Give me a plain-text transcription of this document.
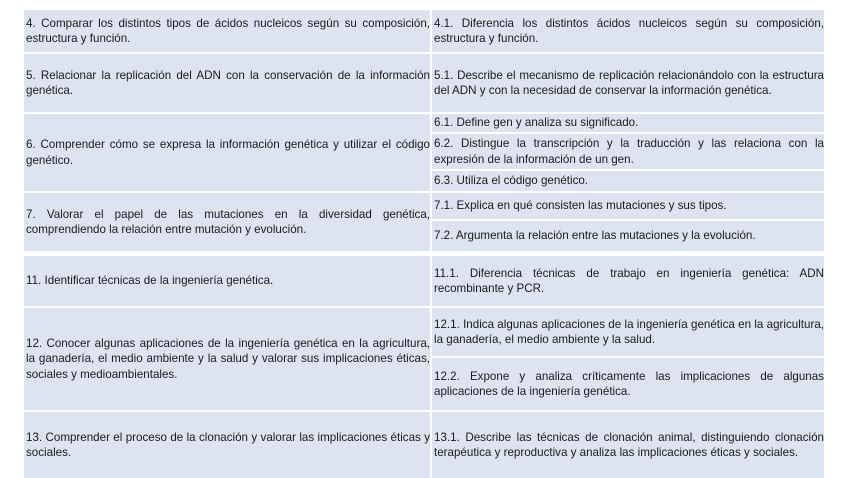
4. Comparar los distintos tipos de ácidos nucleicos según su composición, estructura y función.
4.1. Diferencia los distintos ácidos nucleicos según su composición, estructura y función.
5. Relacionar la replicación del ADN con la conservación de la información genética.
5.1. Describe el mecanismo de replicación relacionándolo con la estructura del ADN y con la necesidad de conservar la información genética.
6. Comprender cómo se expresa la información genética y utilizar el código genético.
6.1. Define gen y analiza su significado.
6.2. Distingue la transcripción y la traducción y las relaciona con la expresión de la información de un gen.
6.3. Utiliza el código genético.
7. Valorar el papel de las mutaciones en la diversidad genética, comprendiendo la relación entre mutación y evolución.
7.1. Explica en qué consisten las mutaciones y sus tipos.
7.2. Argumenta la relación entre las mutaciones y la evolución.
11. Identificar técnicas de la ingeniería genética.
11.1. Diferencia técnicas de trabajo en ingeniería genética: ADN recombinante y PCR.
12. Conocer algunas aplicaciones de la ingeniería genética en la agricultura, la ganadería, el medio ambiente y la salud y valorar sus implicaciones éticas, sociales y medioambientales.
12.1. Indica algunas aplicaciones de la ingeniería genética en la agricultura, la ganadería, el medio ambiente y la salud.
12.2. Expone y analiza críticamente las implicaciones de algunas aplicaciones de la ingeniería genética.
13. Comprender el proceso de la clonación y valorar las implicaciones éticas y sociales.
13.1. Describe las técnicas de clonación animal, distinguiendo clonación terapéutica y reproductiva y analiza las implicaciones éticas y sociales.
